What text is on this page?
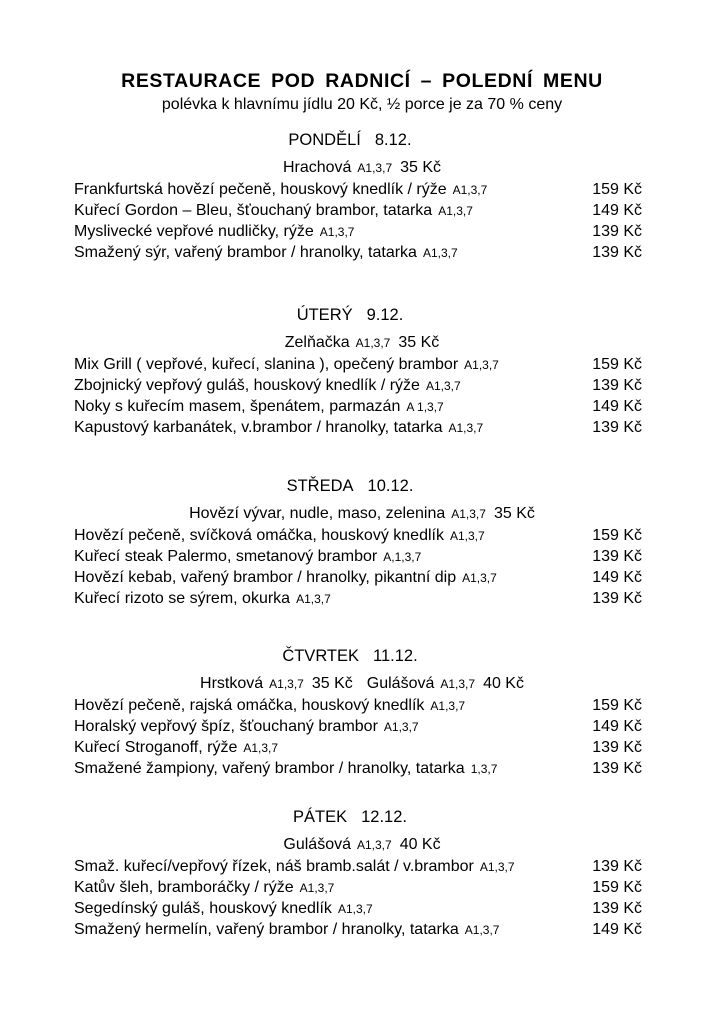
RESTAURACE POD RADNICÍ – POLEDNÍ MENU
polévka k hlavnímu jídlu 20 Kč, ½ porce je za 70 % ceny
PONDĚLÍ 8.12.
Hrachová A1,3,7 35 Kč
Frankfurtská hovězí pečeně, houskový knedlík / rýže A1,3,7	159 Kč
Kuřecí Gordon – Bleu, šťouchaný brambor, tatarka A1,3,7	149 Kč
Myslivecké vepřové nudličky, rýže A1,3,7	139 Kč
Smažený sýr, vařený brambor / hranolky, tatarka A1,3,7	139 Kč
ÚTERÝ 9.12.
Zelňačka A1,3,7 35 Kč
Mix Grill ( vepřové, kuřecí, slanina ), opečený brambor A1,3,7	159 Kč
Zbojnický vepřový guláš, houskový knedlík / rýže A1,3,7	139 Kč
Noky s kuřecím masem, špenátem, parmazán A 1,3,7	149 Kč
Kapustový karbanátek, v.brambor / hranolky, tatarka A1,3,7	139 Kč
STŘEDA 10.12.
Hovězí vývar, nudle, maso, zelenina A1,3,7 35 Kč
Hovězí pečeně, svíčková omáčka, houskový knedlík A1,3,7	159 Kč
Kuřecí steak Palermo, smetanový brambor A,1,3,7	139 Kč
Hovězí kebab, vařený brambor / hranolky, pikantní dip A1,3,7	149 Kč
Kuřecí rizoto se sýrem, okurka A1,3,7	139 Kč
ČTVRTEK 11.12.
Hrstková A1,3,7 35 Kč Gulášová A1,3,7 40 Kč
Hovězí pečeně, rajská omáčka, houskový knedlík A1,3,7	159 Kč
Horalský vepřový špíz, šťouchaný brambor A1,3,7	149 Kč
Kuřecí Stroganoff, rýže A1,3,7	139 Kč
Smažené žampiony, vařený brambor / hranolky, tatarka 1,3,7	139 Kč
PÁTEK 12.12.
Gulášová A1,3,7 40 Kč
Smaž. kuřecí/vepřový řízek, náš bramb.salát / v.brambor A1,3,7	139 Kč
Katův šleh, bramboráčky / rýže A1,3,7	159 Kč
Segedínský guláš, houskový knedlík A1,3,7	139 Kč
Smažený hermelín, vařený brambor / hranolky, tatarka A1,3,7	149 Kč
